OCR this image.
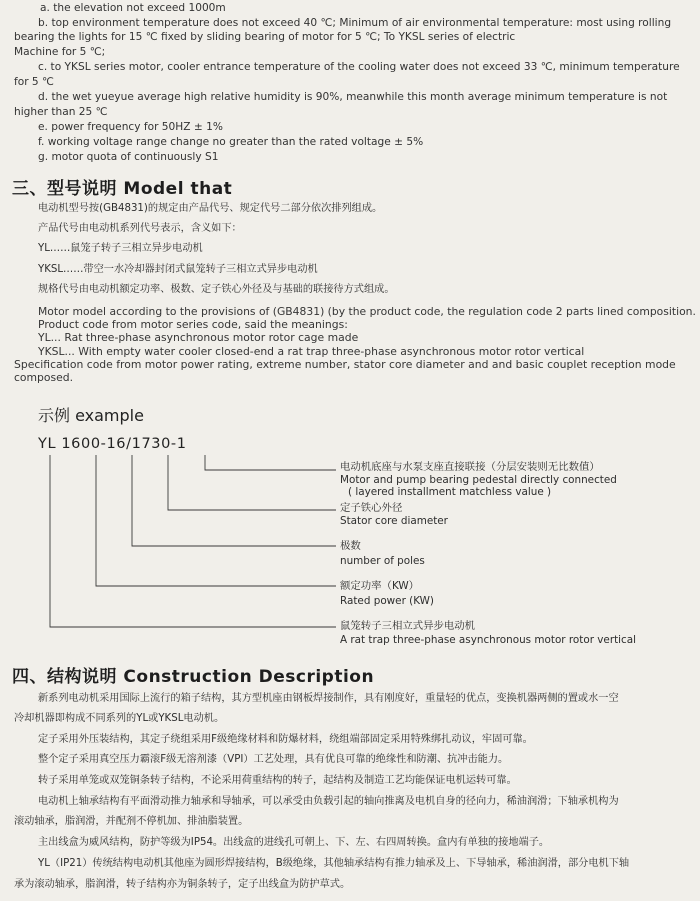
a. the elevation not exceed 1000m
b. top environment temperature does not exceed 40 ℃; Minimum of air environmental temperature: most using rolling
bearing the lights for 15 ℃ fixed by sliding bearing of motor for 5 ℃; To YKSL series of electric
Machine for 5 ℃;
c. to YKSL series motor, cooler entrance temperature of the cooling water does not exceed 33 ℃, minimum temperature
for 5 ℃
d. the wet yueyue average high relative humidity is 90%, meanwhile this month average minimum temperature is not
higher than 25 ℃
e. power frequency for 50HZ ± 1%
f. working voltage range change no greater than the rated voltage ± 5%
g. motor quota of continuously S1
三、型号说明 Model that
电动机型号按(GB4831)的规定由产品代号、规定代号二部分依次排列组成。
产品代号由电动机系列代号表示，含义如下：
YL……鼠笼子转子三相立异步电动机
YKSL……带空一水冷却器封闭式鼠笼转子三相立式异步电动机
规格代号由电动机额定功率、极数、定子铁心外径及与基础的联接待方式组成。
Motor model according to the provisions of (GB4831) (by the product code, the regulation code 2 parts lined composition.
Product code from motor series code, said the meanings:
YL... Rat three-phase asynchronous motor rotor cage made
YKSL... With empty water cooler closed-end a rat trap three-phase asynchronous motor rotor vertical
Specification code from motor power rating, extreme number, stator core diameter and and basic couplet reception mode
composed.
示例 example
YL 1600-16/1730-1
电动机底座与水泵支座直接联接（分层安装则无比数值）
Motor and pump bearing pedestal directly connected
( layered installment matchless value )
定子铁心外径
Stator core diameter
极数
number of poles
额定功率（KW）
Rated power (KW)
鼠笼转子三相立式异步电动机
A rat trap three-phase asynchronous motor rotor vertical
四、结构说明 Construction Description
新系列电动机采用国际上流行的箱子结构，其方型机座由钢板焊接制作，具有刚度好，重量轻的优点，变换机器两侧的置或水一空
冷却机器即构成不同系列的YL或YKSL电动机。
定子采用外压装结构，其定子绕组采用F级绝缘材料和防爆材料，绕组端部固定采用特殊绑扎动议，牢固可靠。
整个定子采用真空压力霸滚F级无溶剂漆（VPI）工艺处理，具有优良可靠的绝缘性和防潮、抗冲击能力。
转子采用单笼或双笼铜条转子结构，不论采用荷重结构的转子，起结构及制造工艺均能保证电机运转可靠。
电动机上轴承结构有平面滑动推力轴承和导轴承，可以承受由负载引起的轴向推离及电机自身的径向力，稀油润滑；下轴承机构为
滚动轴承，脂润滑，并配剂不停机加、排油脂装置。
主出线盒为威风结构，防护等级为IP54。出线盒的进线孔可朝上、下、左、右四周转换。盒内有单独的接地端子。
YL（IP21）传统结构电动机其他座为圆形焊接结构，B级绝缘，其他轴承结构有推力轴承及上、下导轴承，稀油润滑，部分电机下轴
承为滚动轴承，脂润滑，转子结构亦为铜条转子，定子出线盒为防护草式。
